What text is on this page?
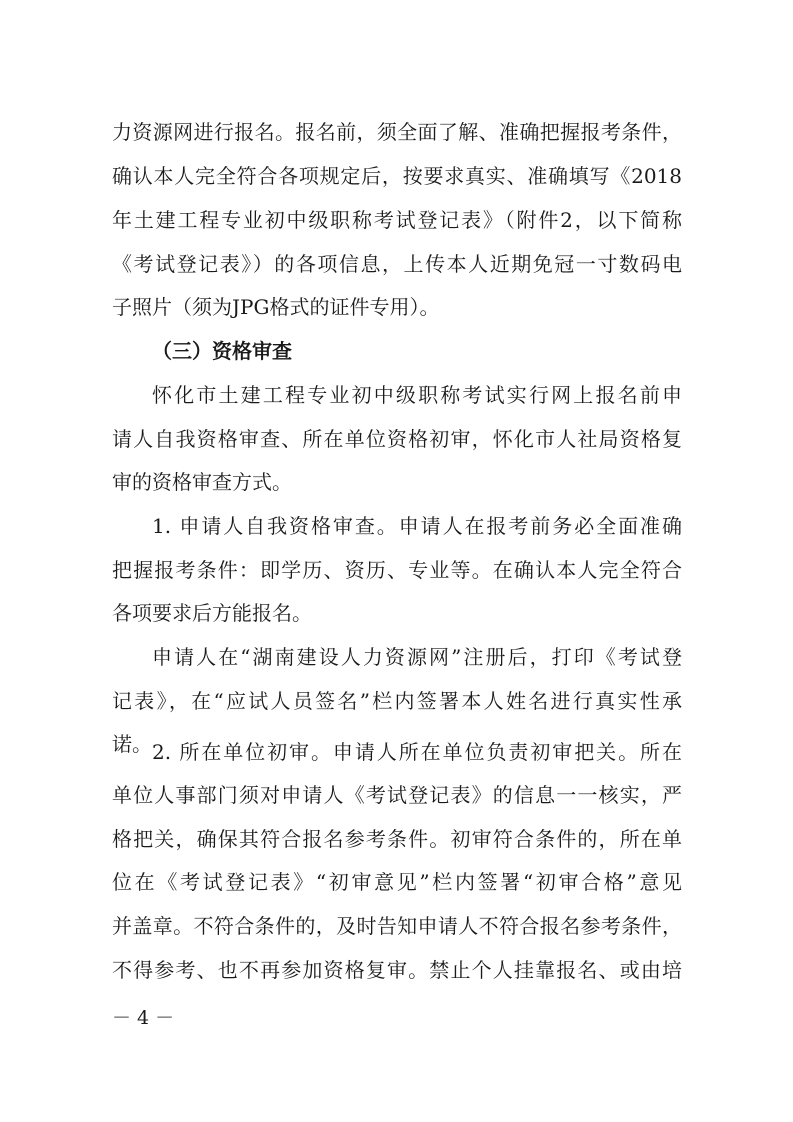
力资源网进行报名。报名前，须全面了解、准确把握报考条件，
确认本人完全符合各项规定后，按要求真实、准确填写《2018
年土建工程专业初中级职称考试登记表》（附件2，以下简称
《考试登记表》）的各项信息，上传本人近期免冠一寸数码电
子照片（须为JPG格式的证件专用）。
（三）资格审查
怀化市土建工程专业初中级职称考试实行网上报名前申
请人自我资格审查、所在单位资格初审，怀化市人社局资格复
审的资格审查方式。
1. 申请人自我资格审查。申请人在报考前务必全面准确
把握报考条件：即学历、资历、专业等。在确认本人完全符合
各项要求后方能报名。
申请人在“湖南建设人力资源网”注册后，打印《考试登
记表》，在“应试人员签名”栏内签署本人姓名进行真实性承
诺。 2. 所在单位初审。申请人所在单位负责初审把关。所在
单位人事部门须对申请人《考试登记表》的信息一一核实，严
格把关，确保其符合报名参考条件。初审符合条件的，所在单
位在《考试登记表》“初审意见”栏内签署“初审合格”意见
并盖章。不符合条件的，及时告知申请人不符合报名参考条件，
不得参考、也不再参加资格复审。禁止个人挂靠报名、或由培
－ 4 －
